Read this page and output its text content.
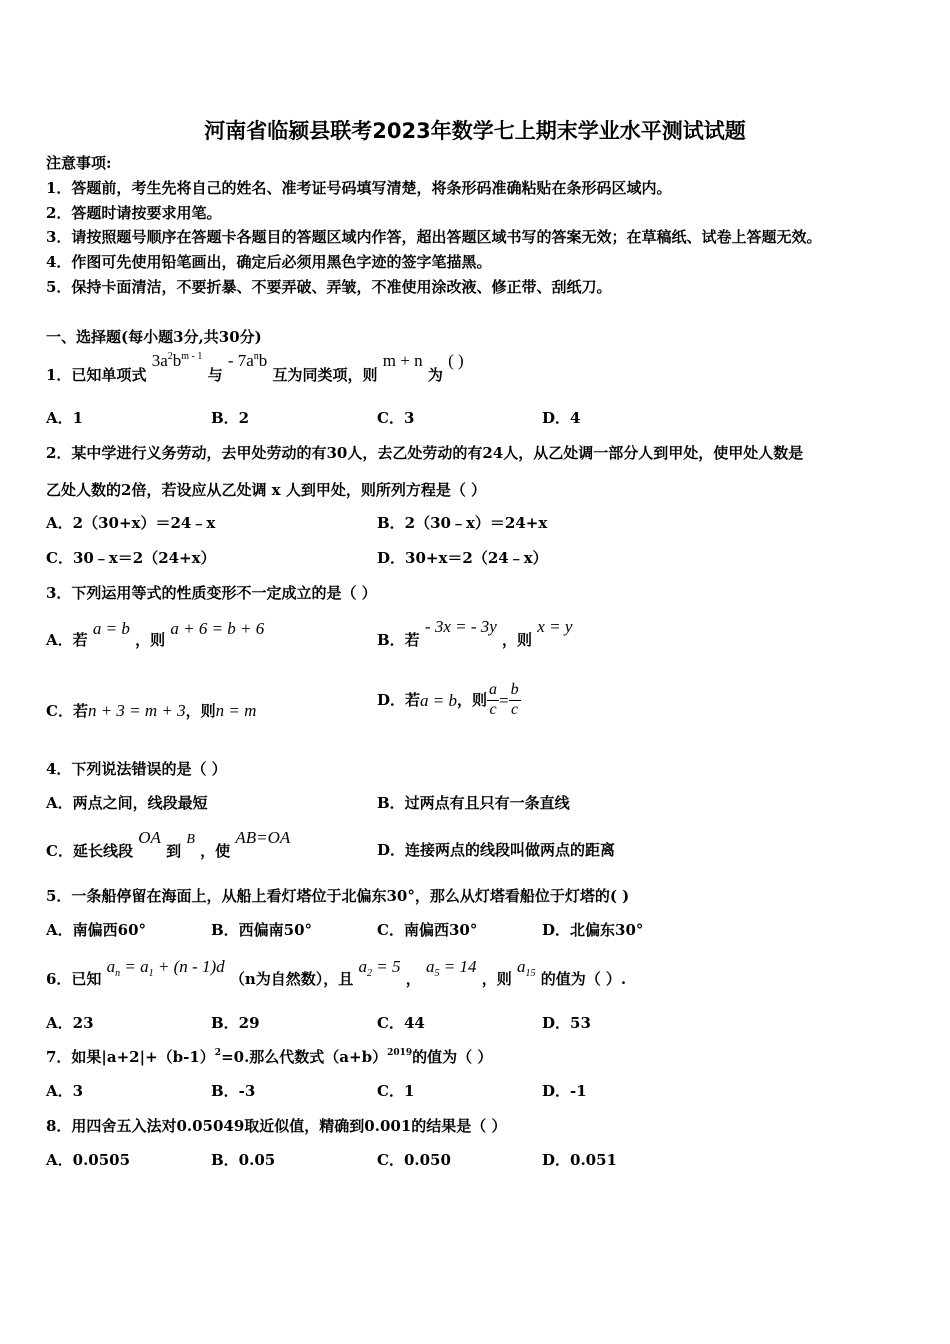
河南省临颍县联考2023年数学七上期末学业水平测试试题
注意事项:
1．答题前，考生先将自己的姓名、准考证号码填写清楚，将条形码准确粘贴在条形码区域内。
2．答题时请按要求用笔。
3．请按照题号顺序在答题卡各题目的答题区域内作答，超出答题区域书写的答案无效；在草稿纸、试卷上答题无效。
4．作图可先使用铅笔画出，确定后必须用黑色字迹的签字笔描黑。
5．保持卡面清洁，不要折暴、不要弄破、弄皱，不准使用涂改液、修正带、刮纸刀。
一、选择题(每小题3分,共30分)
1．已知单项式 $3a^2b^{m - 1}$ 与 - $7a^nb$ 互为同类项，则 m + n 为 ( )
A．1	B．2	C．3	D．4
2．某中学进行义务劳动，去甲处劳动的有30人，去乙处劳动的有24人，从乙处调一部分人到甲处，使甲处人数是
乙处人数的2倍，若设应从乙处调 x 人到甲处，则所列方程是（ ）
A．2（30+x）＝24﹣x	B．2（30﹣x）＝24+x
C．30﹣x＝2（24+x）	D．30+x＝2（24﹣x）
3．下列运用等式的性质变形不一定成立的是（ ）
A．若 a = b ，则 a + 6 = b + 6
B．若 - 3x = - 3y ，则 x = y
C．若n + 3 = m + 3，则n = m
D．若 a = b ，则 $\frac{a}{c} = \frac{b}{c}$
4．下列说法错误的是（ ）
A．两点之间，线段最短	B．过两点有且只有一条直线
C．延长线段 OA 到 B ，使 AB=OA
D．连接两点的线段叫做两点的距离
5．一条船停留在海面上，从船上看灯塔位于北偏东30°，那么从灯塔看船位于灯塔的( )
A．南偏西60°	B．西偏南50°	C．南偏西30°	D．北偏东30°
6．已知 $a_n = a_1 + (n - 1)d$ （n为自然数），且 $a_2 = 5$ ， $a_5 = 14$ ，则 $a_{15}$ 的值为（ ）.
A．23	B．29	C．44	D．53
7．如果$|a+2|+(b-1)^2=0$.那么代数式$(a+b)^{2019}$的值为（ ）
A．3	B．-3	C．1	D．-1
8．用四舍五入法对0.05049取近似值，精确到0.001的结果是（ ）
A．0.0505	B．0.05	C．0.050	D．0.051
